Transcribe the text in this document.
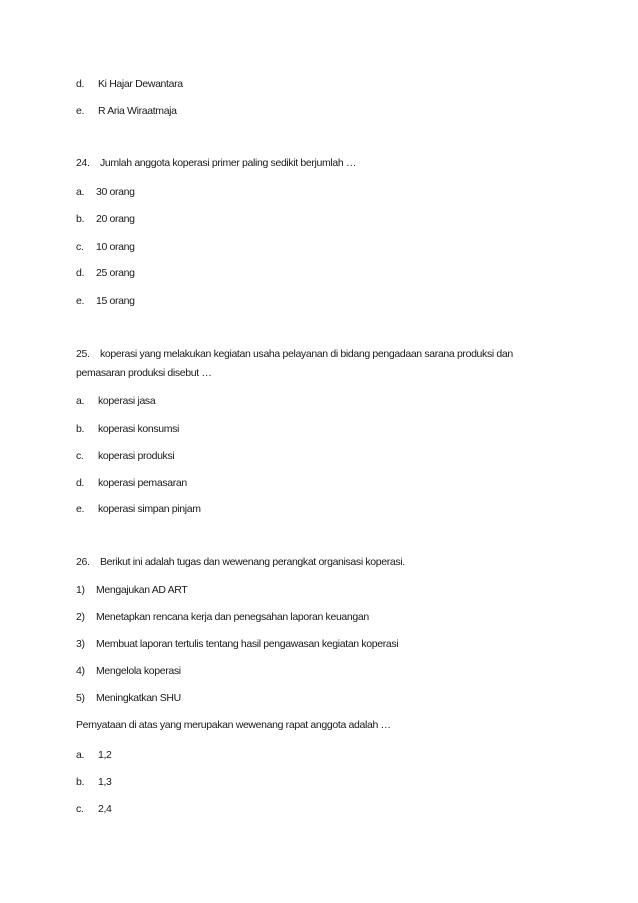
d. Ki Hajar Dewantara
e. R Aria Wiraatmaja
24. Jumlah anggota koperasi primer paling sedikit berjumlah …
a. 30 orang
b. 20 orang
c. 10 orang
d. 25 orang
e. 15 orang
25. koperasi yang melakukan kegiatan usaha pelayanan di bidang pengadaan sarana produksi dan
pemasaran produksi disebut …
a. koperasi jasa
b. koperasi konsumsi
c. koperasi produksi
d. koperasi pemasaran
e. koperasi simpan pinjam
26. Berikut ini adalah tugas dan wewenang perangkat organisasi koperasi.
1) Mengajukan AD ART
2) Menetapkan rencana kerja dan penegsahan laporan keuangan
3) Membuat laporan tertulis tentang hasil pengawasan kegiatan koperasi
4) Mengelola koperasi
5) Meningkatkan SHU
Pernyataan di atas yang merupakan wewenang rapat anggota adalah …
a. 1,2
b. 1,3
c. 2,4
